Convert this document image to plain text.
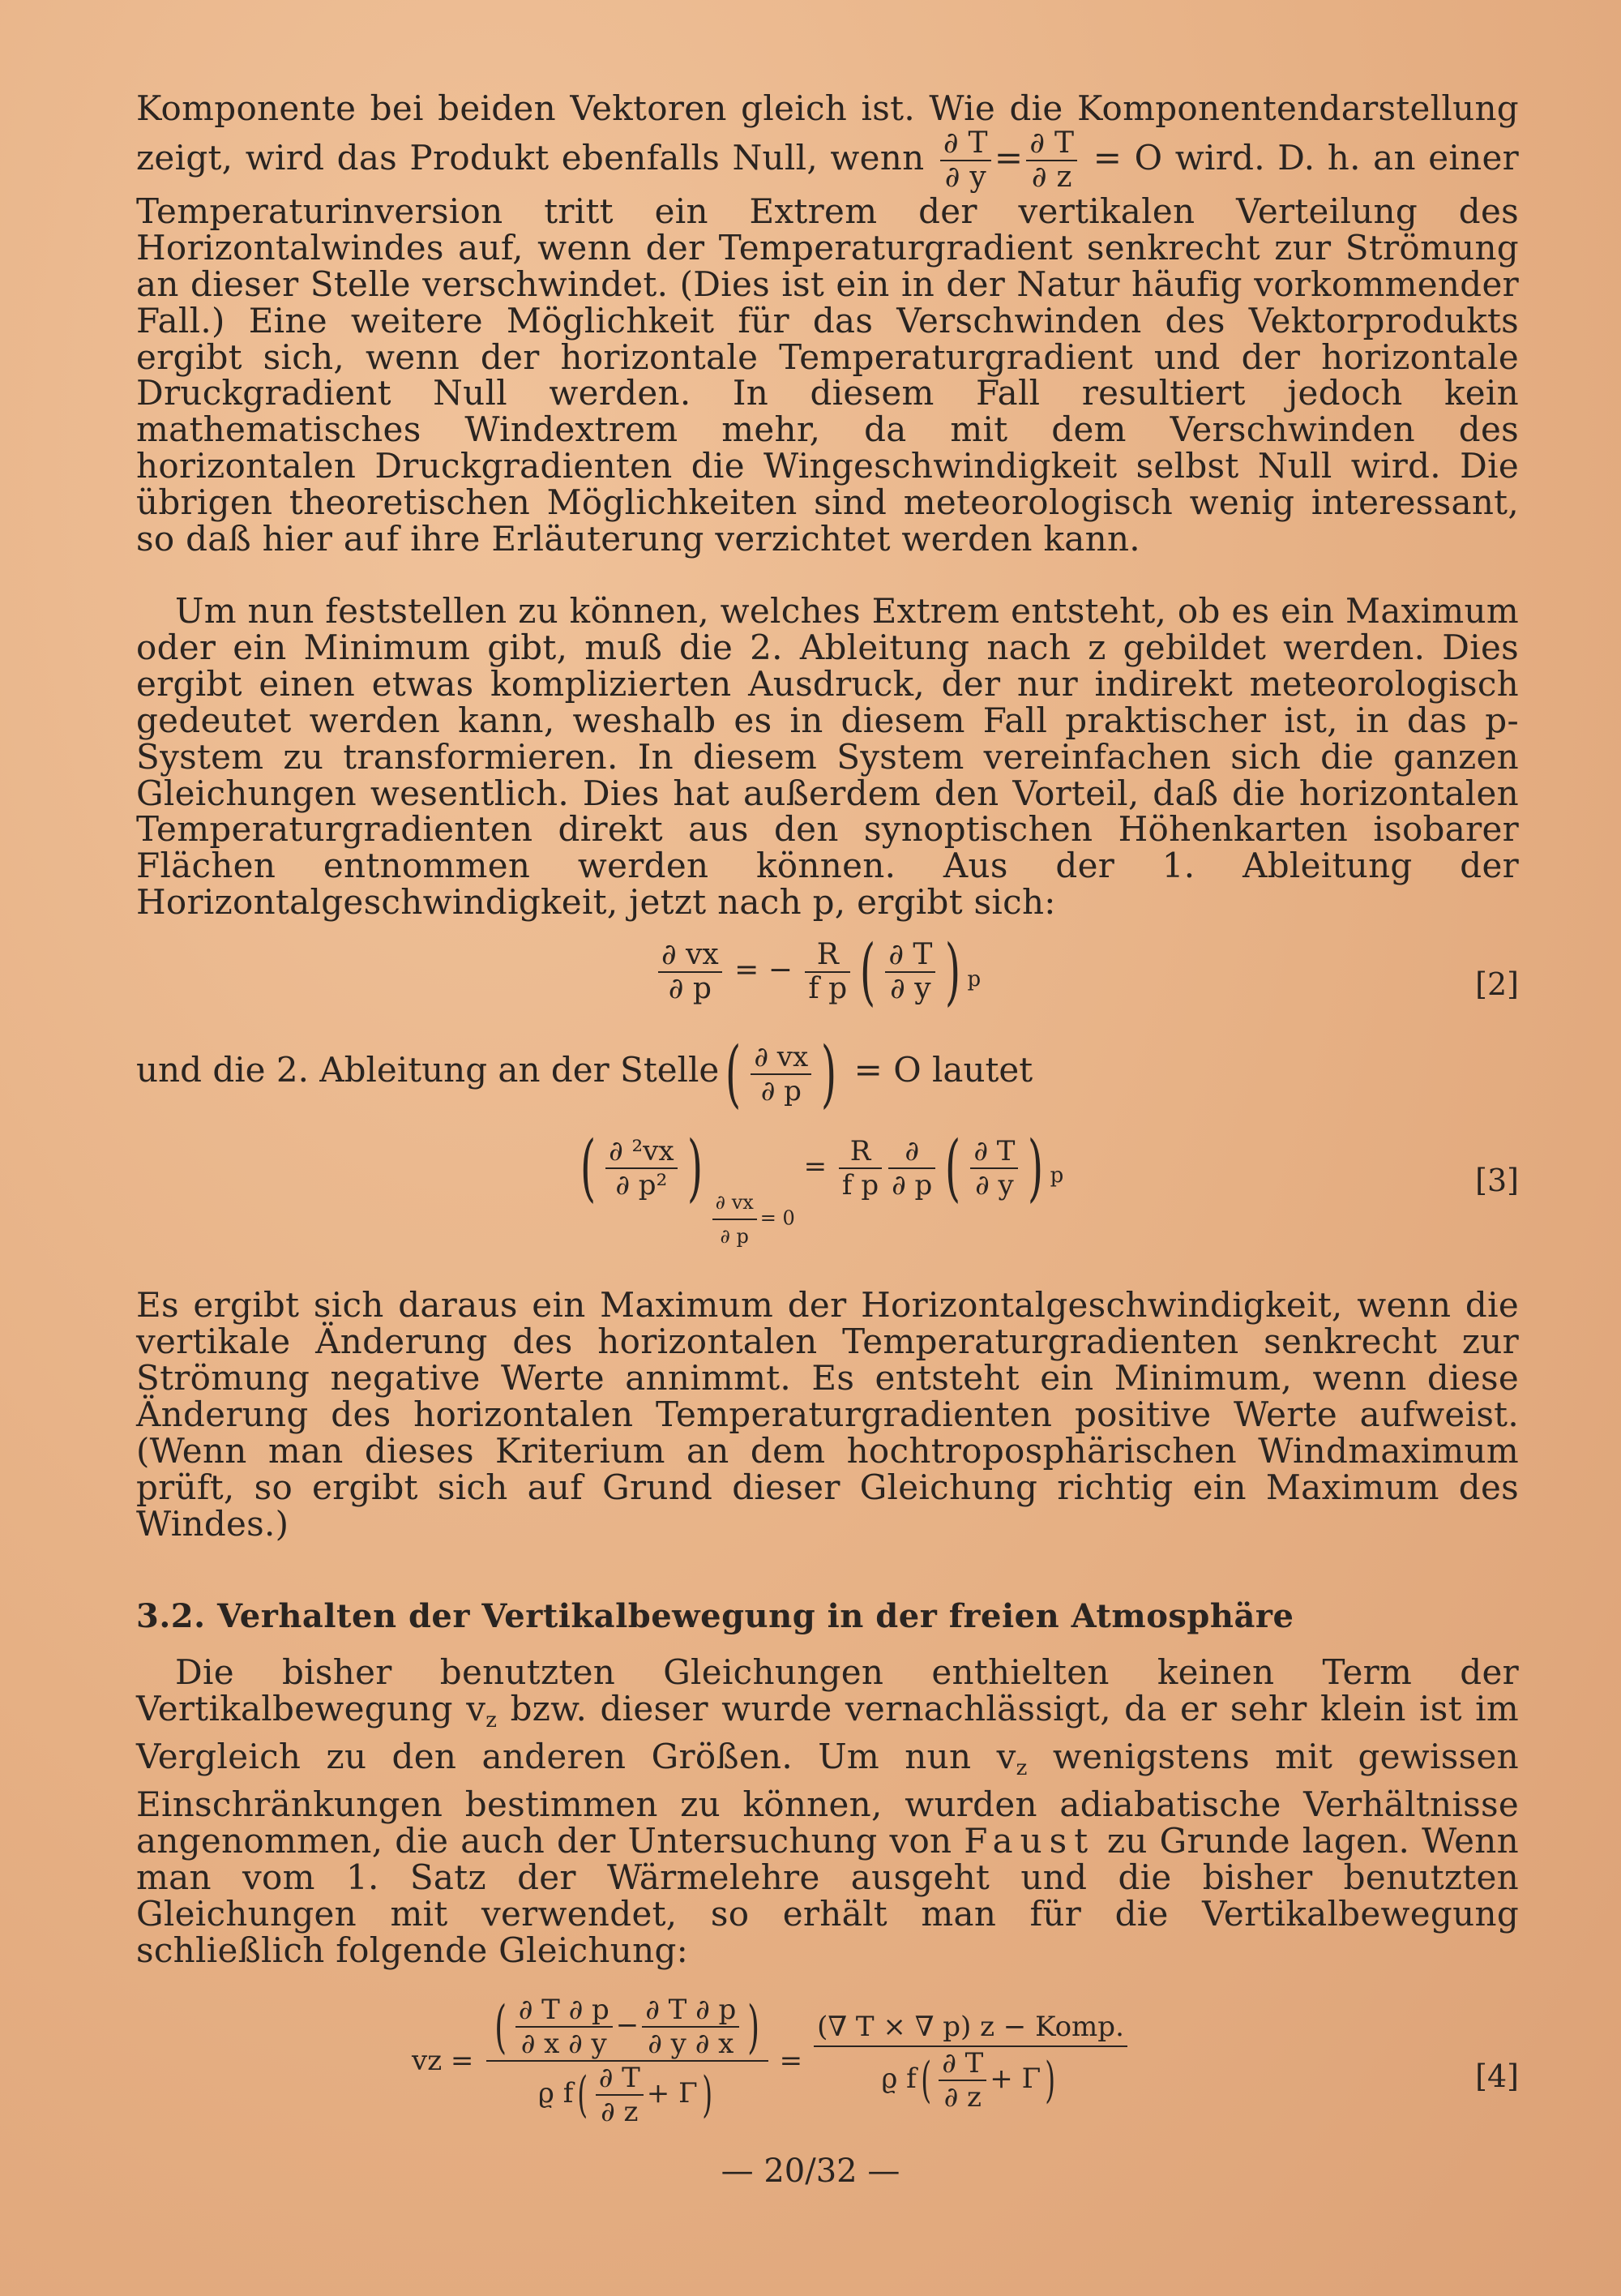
Komponente bei beiden Vektoren gleich ist. Wie die Komponentendarstellung zeigt, wird das Produkt ebenfalls Null, wenn $\frac{\partial T}{\partial y} = \frac{\partial T}{\partial z} = O$ wird. D. h. an einer Temperaturinversion tritt ein Extrem der vertikalen Verteilung des Horizontalwindes auf, wenn der Temperaturgradient senkrecht zur Strömung an dieser Stelle verschwindet. (Dies ist ein in der Natur häufig vorkommender Fall.) Eine weitere Möglichkeit für das Verschwinden des Vektorprodukts ergibt sich, wenn der horizontale Temperaturgradient und der horizontale Druckgradient Null werden. In diesem Fall resultiert jedoch kein mathematisches Windextrem mehr, da mit dem Verschwinden des horizontalen Druckgradienten die Wingeschwindigkeit selbst Null wird. Die übrigen theoretischen Möglichkeiten sind meteorologisch wenig interessant, so daß hier auf ihre Erläuterung verzichtet werden kann.

Um nun feststellen zu können, welches Extrem entsteht, ob es ein Maximum oder ein Minimum gibt, muß die 2. Ableitung nach z gebildet werden. Dies ergibt einen etwas komplizierten Ausdruck, der nur indirekt meteorologisch gedeutet werden kann, weshalb es in diesem Fall praktischer ist, in das p-System zu transformieren. In diesem System vereinfachen sich die ganzen Gleichungen wesentlich. Dies hat außerdem den Vorteil, daß die horizontalen Temperaturgradienten direkt aus den synoptischen Höhenkarten isobarer Flächen entnommen werden können. Aus der 1. Ableitung der Horizontalgeschwindigkeit, jetzt nach p, ergibt sich:

$\frac{\partial vx}{\partial p}$ = − $\frac{R}{\text{f p}}$ ( $\frac{\partial T}{\partial y}$ ) $_p$	[2]
und die 2. Ableitung an der Stelle( $\frac{\partial vx}{\partial p}$ ) = O lautet
( $\frac{\text{∂ ²vx}}{\text{∂ p²}}$ )
$\frac{\partial vx}{\partial p} = 0 = \frac{R}{\text{f p}} \frac{\partial}{\partial p}$ ( $\frac{\partial T}{\partial y}$ ) $_p$	[3]

Es ergibt sich daraus ein Maximum der Horizontalgeschwindigkeit, wenn die vertikale Änderung des horizontalen Temperaturgradienten senkrecht zur Strömung negative Werte annimmt. Es entsteht ein Minimum, wenn diese Änderung des horizontalen Temperaturgradienten positive Werte aufweist. (Wenn man dieses Kriterium an dem hochtroposphärischen Windmaximum prüft, so ergibt sich auf Grund dieser Gleichung richtig ein Maximum des Windes.)

3.2. Verhalten der Vertikalbewegung in der freien Atmosphäre

Die bisher benutzten Gleichungen enthielten keinen Term der Vertikalbewegung $v_z$ bzw. dieser wurde vernachlässigt, da er sehr klein ist im Vergleich zu den anderen Größen. Um nun $v_z$ wenigstens mit gewissen Einschränkungen bestimmen zu können, wurden adiabatische Verhältnisse angenommen, die auch der Untersuchung von Faust zu Grunde lagen. Wenn man vom 1. Satz der Wärmelehre ausgeht und die bisher benutzten Gleichungen mit verwendet, so erhält man für die Vertikalbewegung schließlich folgende Gleichung:

vz = $\frac{( \frac{\partial T \partial p}{\partial x \partial y} - \frac{\partial T \partial p}{\partial y \partial x} )}{ϱ f( \frac{\partial T}{\partial z} + \Gamma)} = \frac{\text{(∇ T × ∇ p) z − Komp.}}{ϱ f( \frac{\partial T}{\partial z} + \Gamma)}$	[4]
— 20/32 —
